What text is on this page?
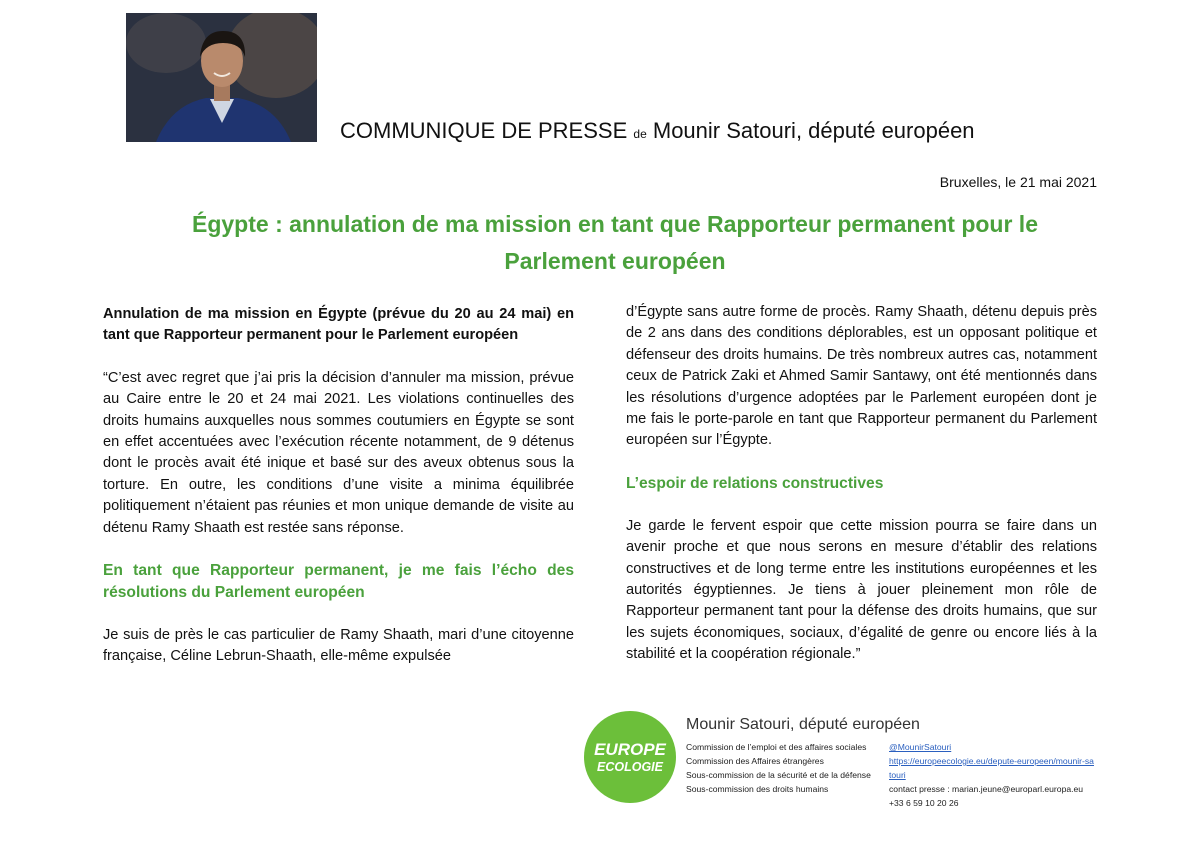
COMMUNIQUE DE PRESSE de Mounir Satouri, député européen
Bruxelles, le 21 mai 2021
Égypte : annulation de ma mission en tant que Rapporteur permanent pour le
Parlement européen

Annulation de ma mission en Égypte (prévue du 20 au 24 mai) en tant que Rapporteur permanent pour le Parlement européen

“C’est avec regret que j’ai pris la décision d’annuler ma mission, prévue au Caire entre le 20 et 24 mai 2021. Les violations continuelles des droits humains auxquelles nous sommes coutumiers en Égypte se sont en effet accentuées avec l’exécution récente notamment, de 9 détenus dont le procès avait été inique et basé sur des aveux obtenus sous la torture. En outre, les conditions d’une visite a minima équilibrée politiquement n’étaient pas réunies et mon unique demande de visite au détenu Ramy Shaath est restée sans réponse.

En tant que Rapporteur permanent, je me fais l’écho des résolutions du Parlement européen

Je suis de près le cas particulier de Ramy Shaath, mari d’une citoyenne française, Céline Lebrun-Shaath, elle-même expulsée

d’Égypte sans autre forme de procès. Ramy Shaath, détenu depuis près de 2 ans dans des conditions déplorables, est un opposant politique et défenseur des droits humains. De très nombreux autres cas, notamment ceux de Patrick Zaki et Ahmed Samir Santawy, ont été mentionnés dans les résolutions d’urgence adoptées par le Parlement européen dont je me fais le porte-parole en tant que Rapporteur permanent du Parlement européen sur l’Égypte.

L’espoir de relations constructives

Je garde le fervent espoir que cette mission pourra se faire dans un avenir proche et que nous serons en mesure d’établir des relations constructives et de long terme entre les institutions européennes et les autorités égyptiennes. Je tiens à jouer pleinement mon rôle de Rapporteur permanent tant pour la défense des droits humains, que sur les sujets économiques, sociaux, d’égalité de genre ou encore liés à la stabilité et la coopération régionale.”

EUROPE
ECOLOGIE
Mounir Satouri, député européen
Commission de l’emploi et des affaires sociales
Commission des Affaires étrangères
Sous-commission de la sécurité et de la défense
Sous-commission des droits humains
@MounirSatouri
https://europeecologie.eu/depute-europeen/mounir-sa
touri
contact presse : marian.jeune@europarl.europa.eu
+33 6 59 10 20 26
